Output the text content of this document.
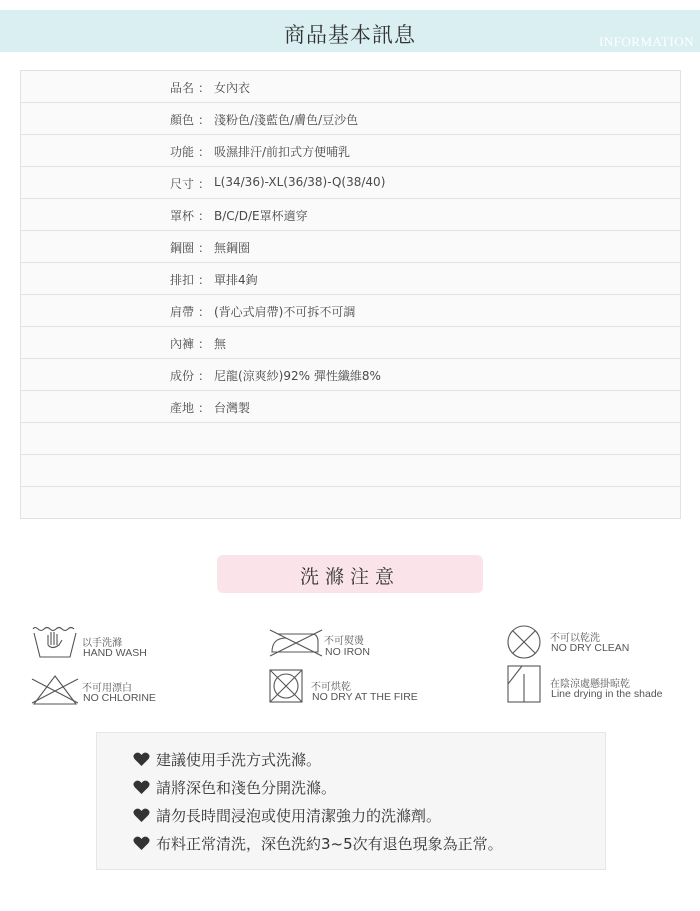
商品基本訊息	INFORMATION
品名 ： 女內衣
顏色 ： 淺粉色/淺藍色/膚色/豆沙色
功能 ： 吸濕排汗/前扣式方便哺乳
尺寸 ： L(34/36)-XL(36/38)-Q(38/40)
罩杯 ： B/C/D/E罩杯適穿
鋼圈 ： 無鋼圈
排扣 ： 單排4鉤
肩帶 ： (背心式肩帶)不可拆不可調
內褲 ： 無
成份 ： 尼龍(涼爽紗)92% 彈性纖維8%
產地 ： 台灣製
洗滌注意
以手洗滌
HAND WASH
不可熨燙
NO IRON
不可以乾洗
NO DRY CLEAN
不可用漂白
NO CHLORINE
不可烘乾
NO DRY AT THE FIRE
在陰涼處懸掛晾乾
Line drying in the shade
建議使用手洗方式洗滌。
請將深色和淺色分開洗滌。
請勿長時間浸泡或使用清潔強力的洗滌劑。
布料正常清洗，深色洗約3~5次有退色現象為正常。
